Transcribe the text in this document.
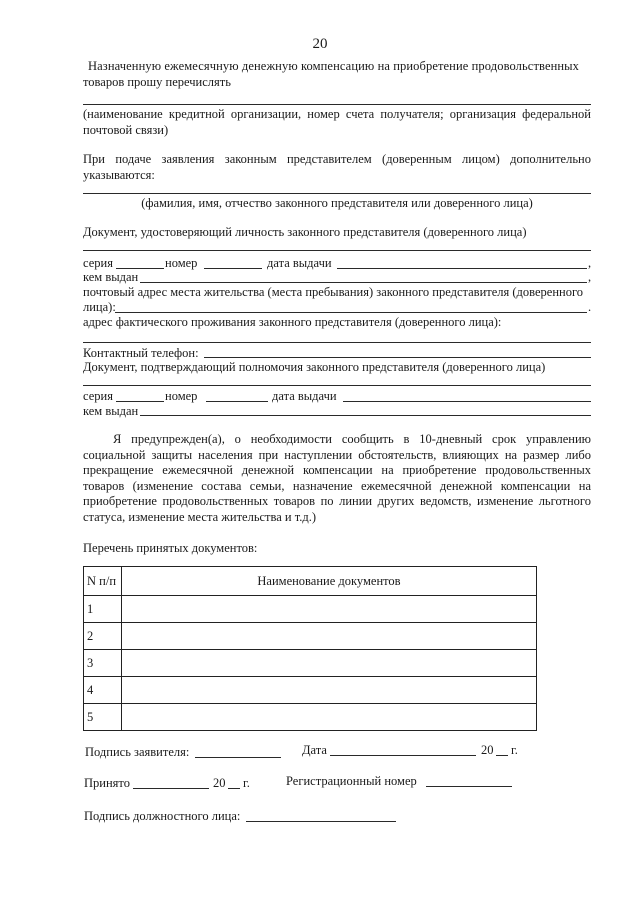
20
Назначенную ежемесячную денежную компенсацию на приобретение продовольственных
товаров прошу перечислять
(наименование кредитной организации, номер счета получателя; организация федеральной почтовой связи)
При подаче заявления законным представителем (доверенным лицом) дополнительно указываются:
(фамилия, имя, отчество законного представителя или доверенного лица)
Документ, удостоверяющий личность законного представителя (доверенного лица)
серия	номер	дата выдачи	,
кем выдан	,
почтовый адрес места жительства (места пребывания) законного представителя (доверенного
лица):	.
адрес фактического проживания законного представителя (доверенного лица):
Контактный телефон:
Документ, подтверждающий полномочия законного представителя (доверенного лица)
серия	номер	дата выдачи
кем выдан
Я предупрежден(а), о необходимости сообщить в 10-дневный срок управлению социальной защиты населения при наступлении обстоятельств, влияющих на размер либо прекращение ежемесячной денежной компенсации на приобретение продовольственных товаров (изменение состава семьи, назначение ежемесячной денежной компенсации на приобретение продовольственных товаров по линии других ведомств, изменение льготного статуса, изменение места жительства и т.д.)
Перечень принятых документов:
N п/п	Наименование документов
1	
2	
3	
4	
5	
Подпись заявителя:	Дата	20 г.
Принято	20 г.	Регистрационный номер
Подпись должностного лица:
